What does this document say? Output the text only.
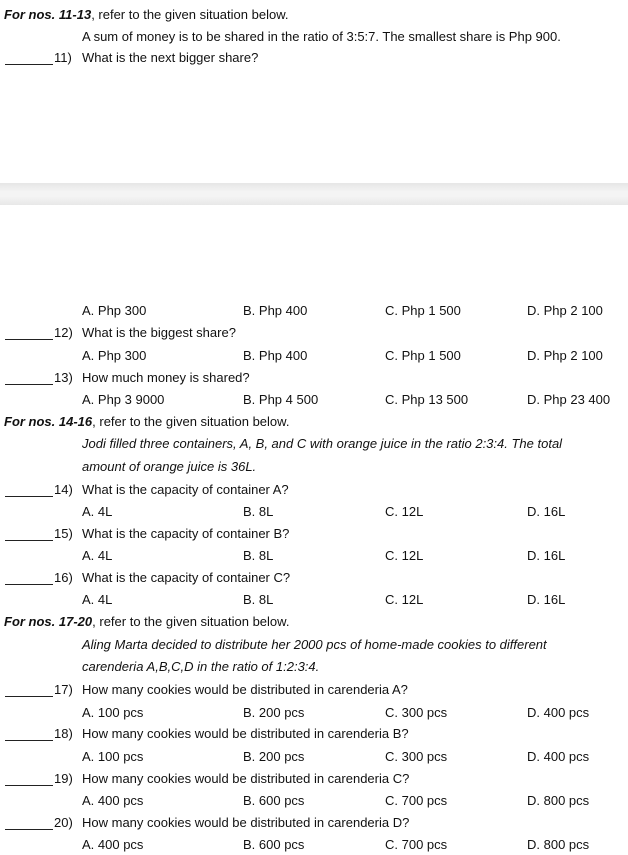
For nos. 11-13, refer to the given situation below.
A sum of money is to be shared in the ratio of 3:5:7. The smallest share is Php 900.
11) What is the next bigger share?
A. Php 300	B. Php 400	C. Php 1 500	D. Php 2 100
12) What is the biggest share?
A. Php 300	B. Php 400	C. Php 1 500	D. Php 2 100
13) How much money is shared?
A. Php 3 9000	B. Php 4 500	C. Php 13 500	D. Php 23 400
For nos. 14-16, refer to the given situation below.
Jodi filled three containers, A, B, and C with orange juice in the ratio 2:3:4. The total
amount of orange juice is 36L.
14) What is the capacity of container A?
A. 4L	B. 8L	C. 12L	D. 16L
15) What is the capacity of container B?
A. 4L	B. 8L	C. 12L	D. 16L
16) What is the capacity of container C?
A. 4L	B. 8L	C. 12L	D. 16L
For nos. 17-20, refer to the given situation below.
Aling Marta decided to distribute her 2000 pcs of home-made cookies to different
carenderia A,B,C,D in the ratio of 1:2:3:4.
17) How many cookies would be distributed in carenderia A?
A. 100 pcs	B. 200 pcs	C. 300 pcs	D. 400 pcs
18) How many cookies would be distributed in carenderia B?
A. 100 pcs	B. 200 pcs	C. 300 pcs	D. 400 pcs
19) How many cookies would be distributed in carenderia C?
A. 400 pcs	B. 600 pcs	C. 700 pcs	D. 800 pcs
20) How many cookies would be distributed in carenderia D?
A. 400 pcs	B. 600 pcs	C. 700 pcs	D. 800 pcs
